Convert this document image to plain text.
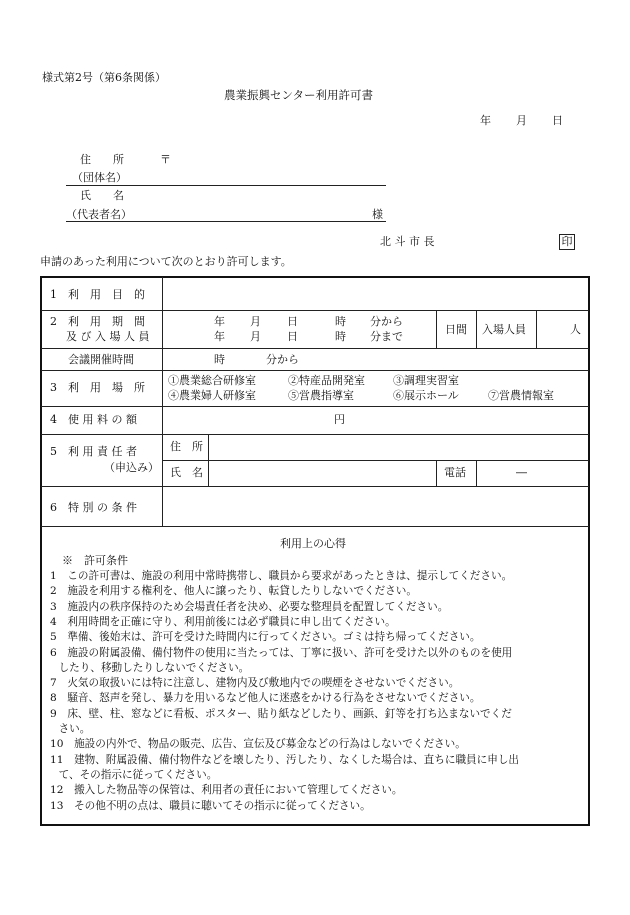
様式第2号（第6条関係）
農業振興センター利用許可書
年 月 日
住　　所	〒
（団体名）
氏　　名
（代表者名）	様
北 斗 市 長	印
申請のあった利用について次のとおり許可します。
1　利　用　目　的
2　利　用　期　間
及 び 入 場 人 員
年 月 日	時 分から
年 月 日	時 分まで
日間 入場人員	人
会議開催時間	時	分から
3　利　用　場　所
①農業総合研修室	②特産品開発室	③調理実習室
④農業婦人研修室	⑤営農指導室	⑥展示ホール	⑦営農情報室
4　使 用 料 の 額	円
5　利 用 責 任 者
（申込み）
住　所
氏　名	電話	―
6　特 別 の 条 件
利用上の心得
※　許可条件
1　この許可書は、施設の利用中常時携帯し、職員から要求があったときは、提示してください。
2　施設を利用する権利を、他人に譲ったり、転貸したりしないでください。
3　施設内の秩序保持のため会場責任者を決め、必要な整理員を配置してください。
4　利用時間を正確に守り、利用前後には必ず職員に申し出てください。
5　準備、後始末は、許可を受けた時間内に行ってください。ゴミは持ち帰ってください。
6　施設の附属設備、備付物件の使用に当たっては、丁寧に扱い、許可を受けた以外のものを使用
　したり、移動したりしないでください。
7　火気の取扱いには特に注意し、建物内及び敷地内での喫煙をさせないでください。
8　騒音、怒声を発し、暴力を用いるなど他人に迷惑をかける行為をさせないでください。
9　床、壁、柱、窓などに看板、ポスター、貼り紙などしたり、画鋲、釘等を打ち込まないでくだ
　さい。
10　施設の内外で、物品の販売、広告、宣伝及び募金などの行為はしないでください。
11　建物、附属設備、備付物件などを壊したり、汚したり、なくした場合は、直ちに職員に申し出
　て、その指示に従ってください。
12　搬入した物品等の保管は、利用者の責任において管理してください。
13　その他不明の点は、職員に聴いてその指示に従ってください。
